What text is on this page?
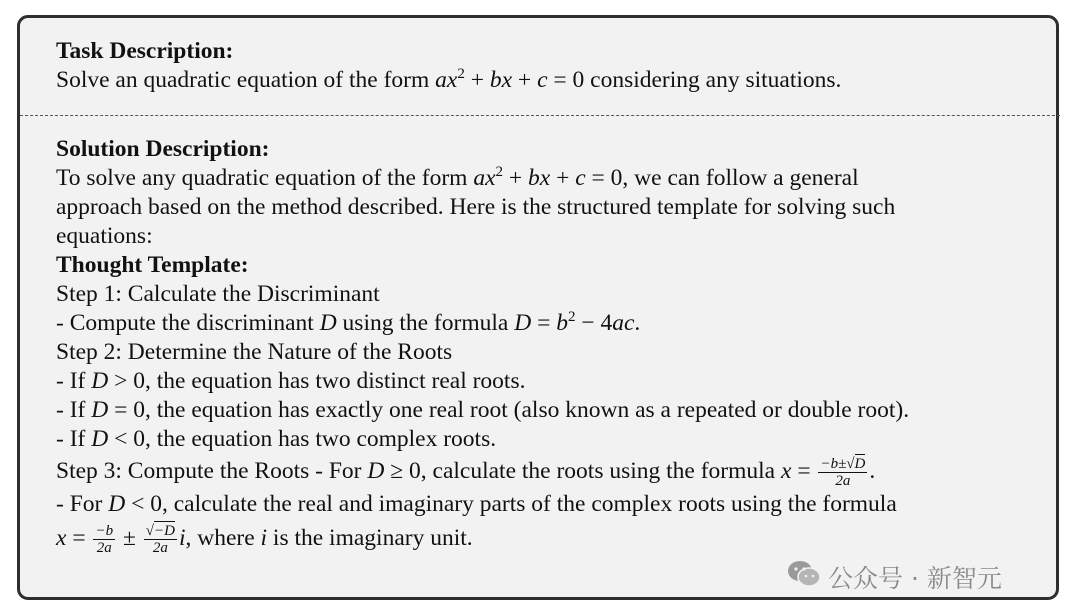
Task Description:
Solve an quadratic equation of the form $ax^2$ + bx + c = 0 considering any situations.
Solution Description:
To solve any quadratic equation of the form $ax^2$ + bx + c = 0, we can follow a general
approach based on the method described. Here is the structured template for solving such
equations:
Thought Template:
Step 1: Calculate the Discriminant
- Compute the discriminant D using the formula $D = b^2 - 4ac$.
Step 2: Determine the Nature of the Roots
- If D > 0, the equation has two distinct real roots.
- If D = 0, the equation has exactly one real root (also known as a repeated or double root).
- If D < 0, the equation has two complex roots.
Step 3: Compute the Roots - For D ≥ 0, calculate the roots using the formula $x = \frac{-b\pm√D}{2a}$ .
- For D < 0, calculate the real and imaginary parts of the complex roots using the formula
$x = \frac{-b}{2a} \pm \frac{√-D}{2a} i$, where i is the imaginary unit.
公众号 · 新智元
